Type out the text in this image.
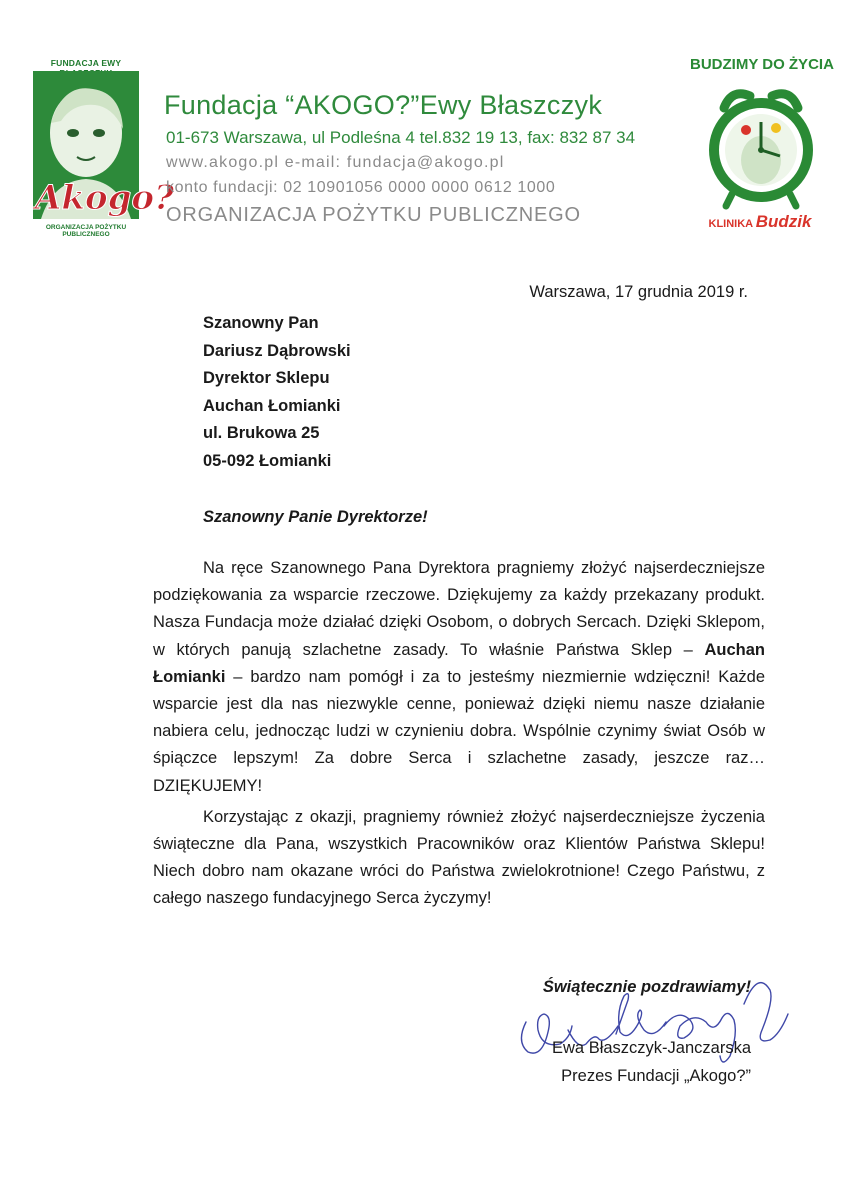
FUNDACJA EWY
Akogo?
ORGANIZACJA POŻYTKU PUBLICZNEGO
Fundacja “AKOGO?”Ewy Błaszczyk
01-673 Warszawa, ul Podleśna 4 tel.832 19 13, fax: 832 87 34
www.akogo.pl e-mail: fundacja@akogo.pl
konto fundacji: 02 10901056 0000 0000 0612 1000
ORGANIZACJA POŻYTKU PUBLICZNEGO
BUDZIMY DO ŻYCIA
KLINIKA Budzik
Warszawa, 17 grudnia 2019 r.
Szanowny Pan
Dariusz Dąbrowski
Dyrektor Sklepu
Auchan Łomianki
ul. Brukowa 25
05-092 Łomianki
Szanowny Panie Dyrektorze!

Na ręce Szanownego Pana Dyrektora pragniemy złożyć najserdeczniejsze podziękowania za wsparcie rzeczowe. Dziękujemy za każdy przekazany produkt. Nasza Fundacja może działać dzięki Osobom, o dobrych Sercach. Dzięki Sklepom, w których panują szlachetne zasady. To właśnie Państwa Sklep – Auchan Łomianki – bardzo nam pomógł i za to jesteśmy niezmiernie wdzięczni! Każde wsparcie jest dla nas niezwykle cenne, ponieważ dzięki niemu nasze działanie nabiera celu, jednocząc ludzi w czynieniu dobra. Wspólnie czynimy świat Osób w śpiączce lepszym! Za dobre Serca i szlachetne zasady, jeszcze raz… DZIĘKUJEMY!

Korzystając z okazji, pragniemy również złożyć najserdeczniejsze życzenia świąteczne dla Pana, wszystkich Pracowników oraz Klientów Państwa Sklepu! Niech dobro nam okazane wróci do Państwa zwielokrotnione! Czego Państwu, z całego naszego fundacyjnego Serca życzymy!

Świątecznie pozdrawiamy!
Ewa Błaszczyk-Janczarska
Prezes Fundacji „Akogo?”
